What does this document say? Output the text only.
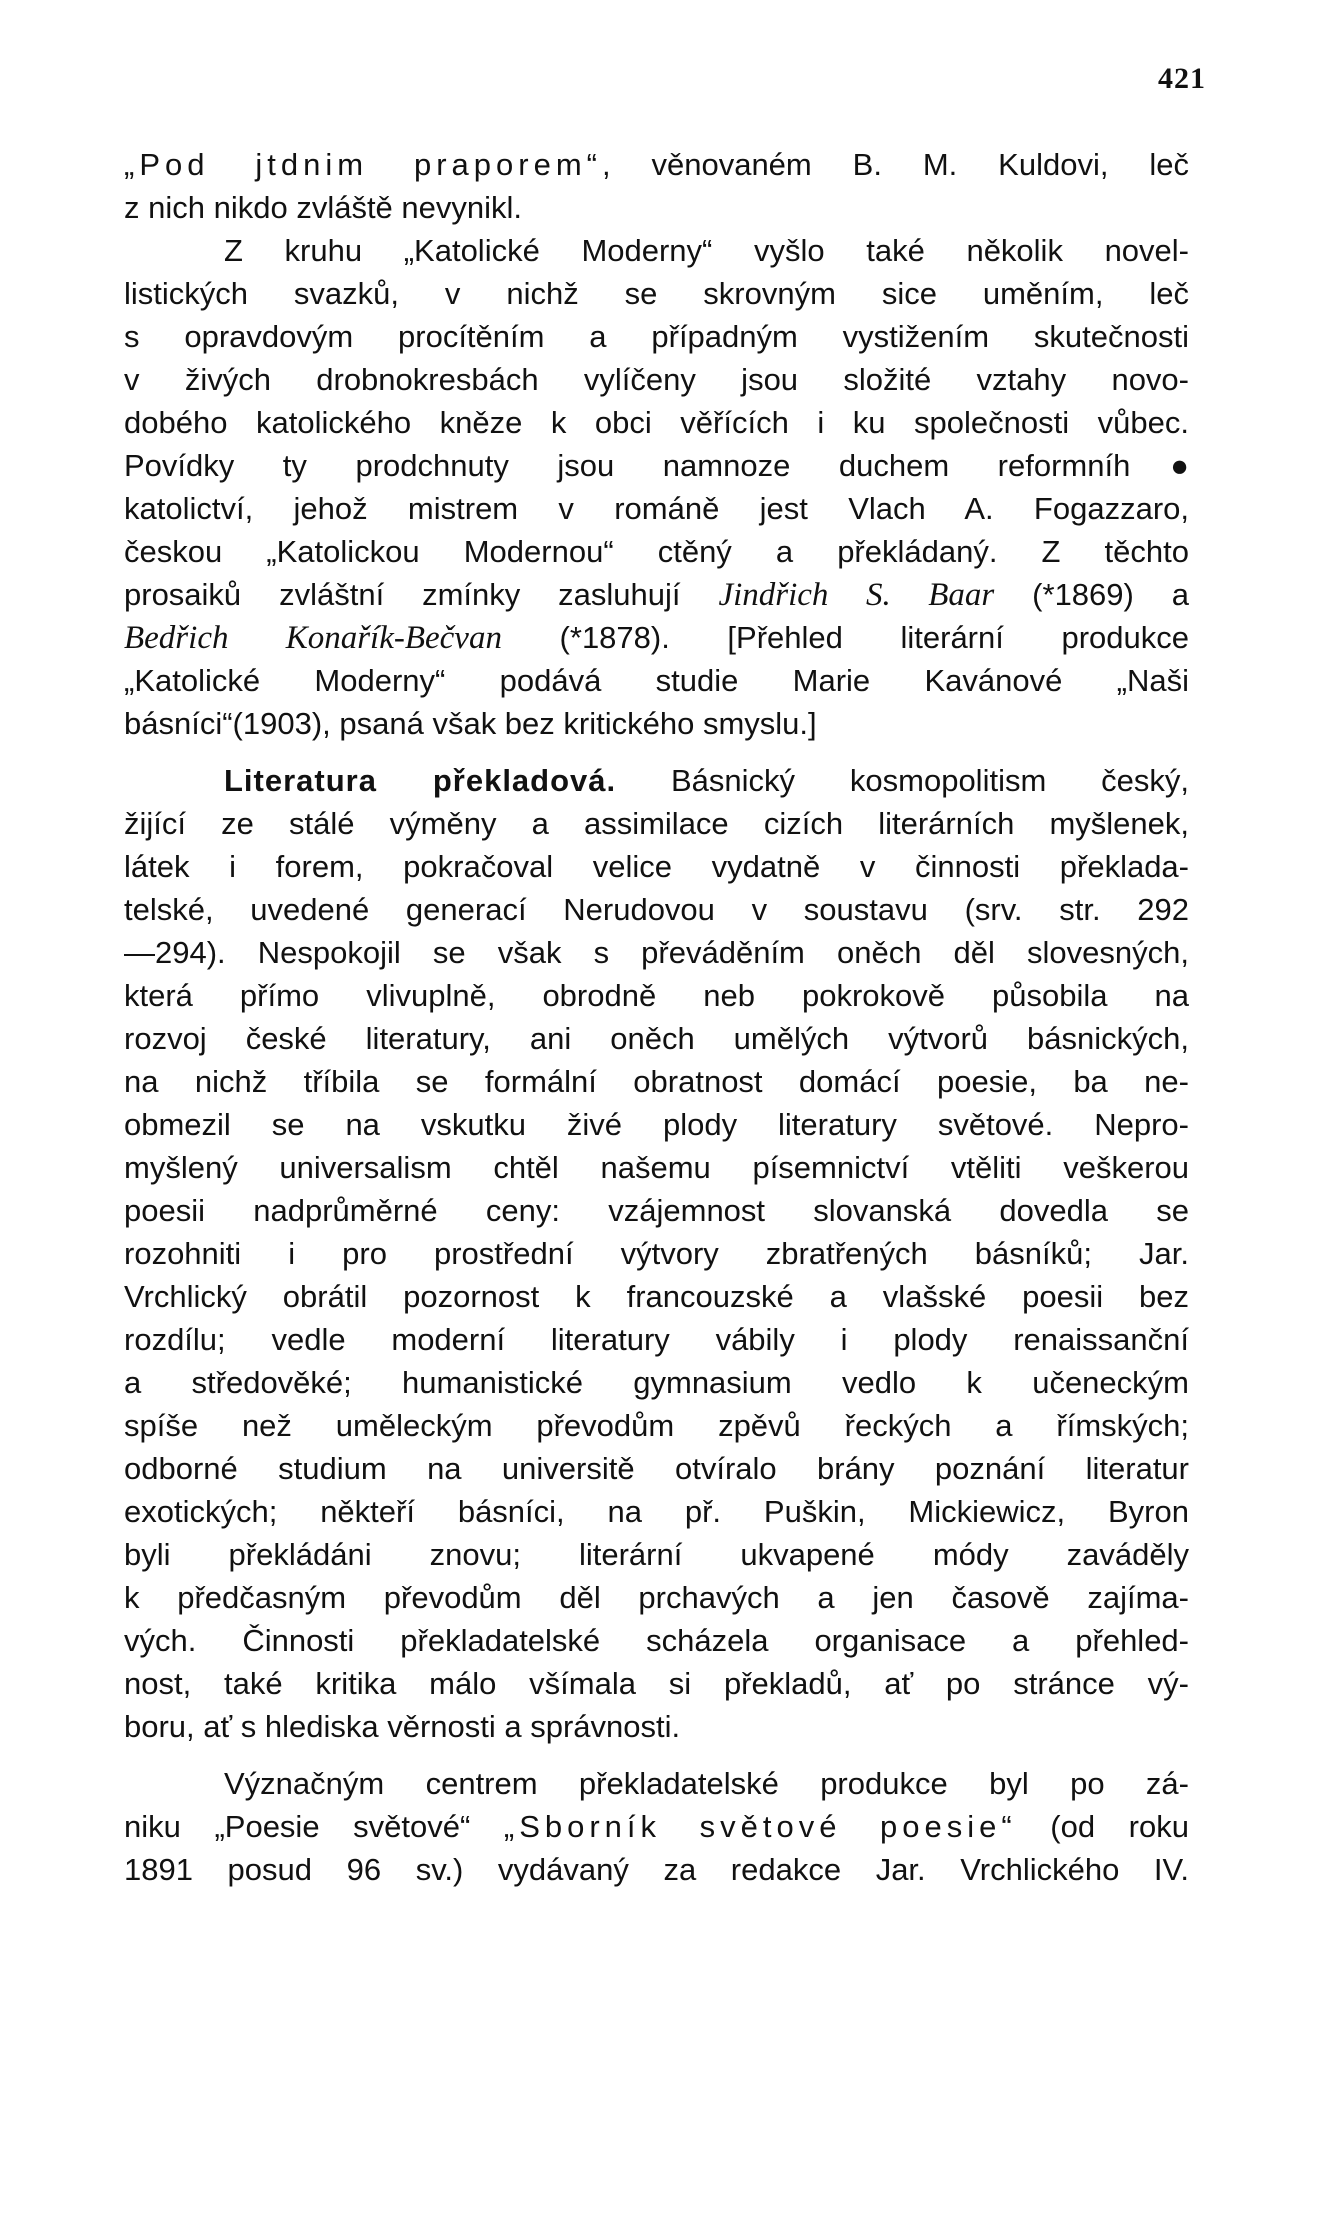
421
„Pod jtdnim praporem“, věnovaném B. M. Kuldovi, leč
z nich nikdo zvláště nevynikl.
Z kruhu „Katolické Moderny“ vyšlo také několik novel-
listických svazků, v nichž se skrovným sice uměním, leč
s opravdovým procítěním a případným vystižením skutečnosti
v živých drobnokresbách vylíčeny jsou složité vztahy novo-
dobého katolického kněze k obci věřících i ku společnosti vůbec.
Povídky ty prodchnuty jsou namnoze duchem reformníh●
katolictví, jehož mistrem v románě jest Vlach A. Fogazzaro,
českou „Katolickou Modernou“ ctěný a překládaný. Z těchto
prosaiků zvláštní zmínky zasluhují Jindřich S. Baar (*1869) a
Bedřich Konařík-Bečvan (*1878). [Přehled literární produkce
„Katolické Moderny“ podává studie Marie Kavánové „Naši
básníci“(1903), psaná však bez kritického smyslu.]
Literatura překladová. Básnický kosmopolitism český,
žijící ze stálé výměny a assimilace cizích literárních myšlenek,
látek i forem, pokračoval velice vydatně v činnosti překlada-
telské, uvedené generací Nerudovou v soustavu (srv. str. 292
—294). Nespokojil se však s převáděním oněch děl slovesných,
která přímo vlivuplně, obrodně neb pokrokově působila na
rozvoj české literatury, ani oněch umělých výtvorů básnických,
na nichž tříbila se formální obratnost domácí poesie, ba ne-
obmezil se na vskutku živé plody literatury světové. Nepro-
myšlený universalism chtěl našemu písemnictví vtěliti veškerou
poesii nadprůměrné ceny: vzájemnost slovanská dovedla se
rozohniti i pro prostřední výtvory zbratřených básníků; Jar.
Vrchlický obrátil pozornost k francouzské a vlašské poesii bez
rozdílu; vedle moderní literatury vábily i plody renaissanční
a středověké; humanistické gymnasium vedlo k učeneckým
spíše než uměleckým převodům zpěvů řeckých a římských;
odborné studium na universitě otvíralo brány poznání literatur
exotických; někteří básníci, na př. Puškin, Mickiewicz, Byron
byli překládáni znovu; literární ukvapené módy zaváděly
k předčasným převodům děl prchavých a jen časově zajíma-
vých. Činnosti překladatelské scházela organisace a přehled-
nost, také kritika málo všímala si překladů, ať po stránce vý-
boru, ať s hlediska věrnosti a správnosti.
Význačným centrem překladatelské produkce byl po zá-
niku „Poesie světové“ „Sborník světové poesie“ (od roku
1891 posud 96 sv.) vydávaný za redakce Jar. Vrchlického IV.
